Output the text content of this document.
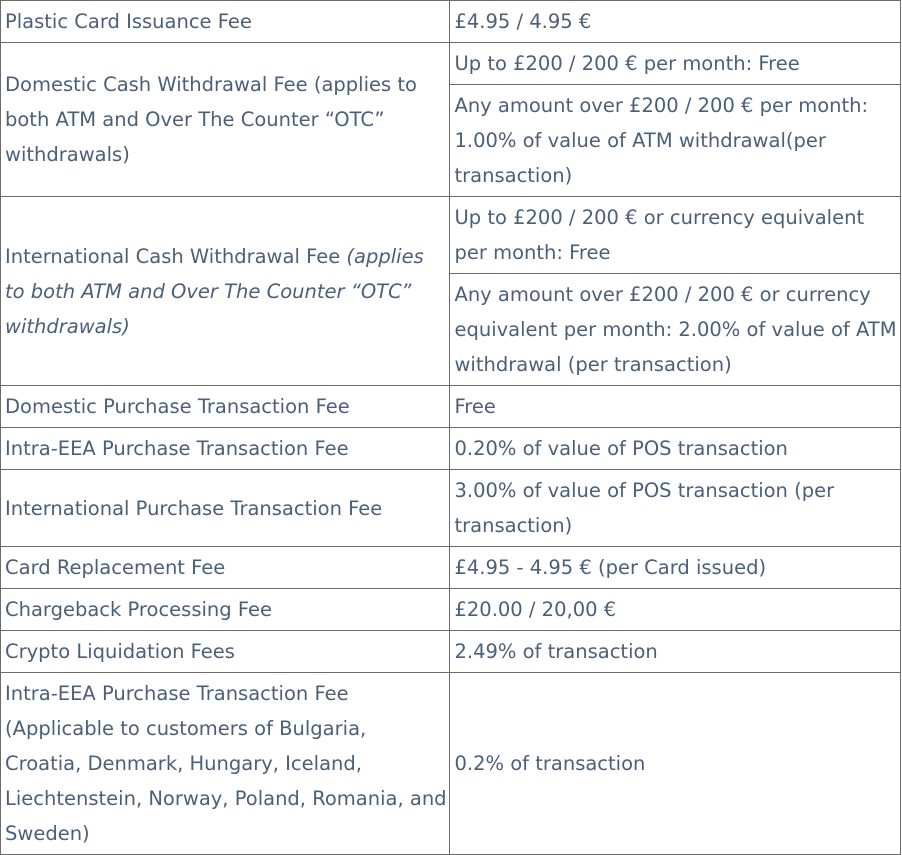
Plastic Card Issuance Fee	£4.95 / 4.95 €
Domestic Cash Withdrawal Fee (applies to both ATM and Over The Counter “OTC” withdrawals)	Up to £200 / 200 € per month: Free
	Any amount over £200 / 200 € per month: 1.00% of value of ATM withdrawal(per transaction)
International Cash Withdrawal Fee (applies to both ATM and Over The Counter “OTC” withdrawals)	Up to £200 / 200 € or currency equivalent per month: Free
	Any amount over £200 / 200 € or currency equivalent per month: 2.00% of value of ATM withdrawal (per transaction)
Domestic Purchase Transaction Fee	Free
Intra-EEA Purchase Transaction Fee	0.20% of value of POS transaction
International Purchase Transaction Fee	3.00% of value of POS transaction (per transaction)
Card Replacement Fee	£4.95 - 4.95 € (per Card issued)
Chargeback Processing Fee	£20.00 / 20,00 €
Crypto Liquidation Fees	2.49% of transaction
Intra-EEA Purchase Transaction Fee (Applicable to customers of Bulgaria, Croatia, Denmark, Hungary, Iceland, Liechtenstein, Norway, Poland, Romania, and Sweden)	0.2% of transaction
